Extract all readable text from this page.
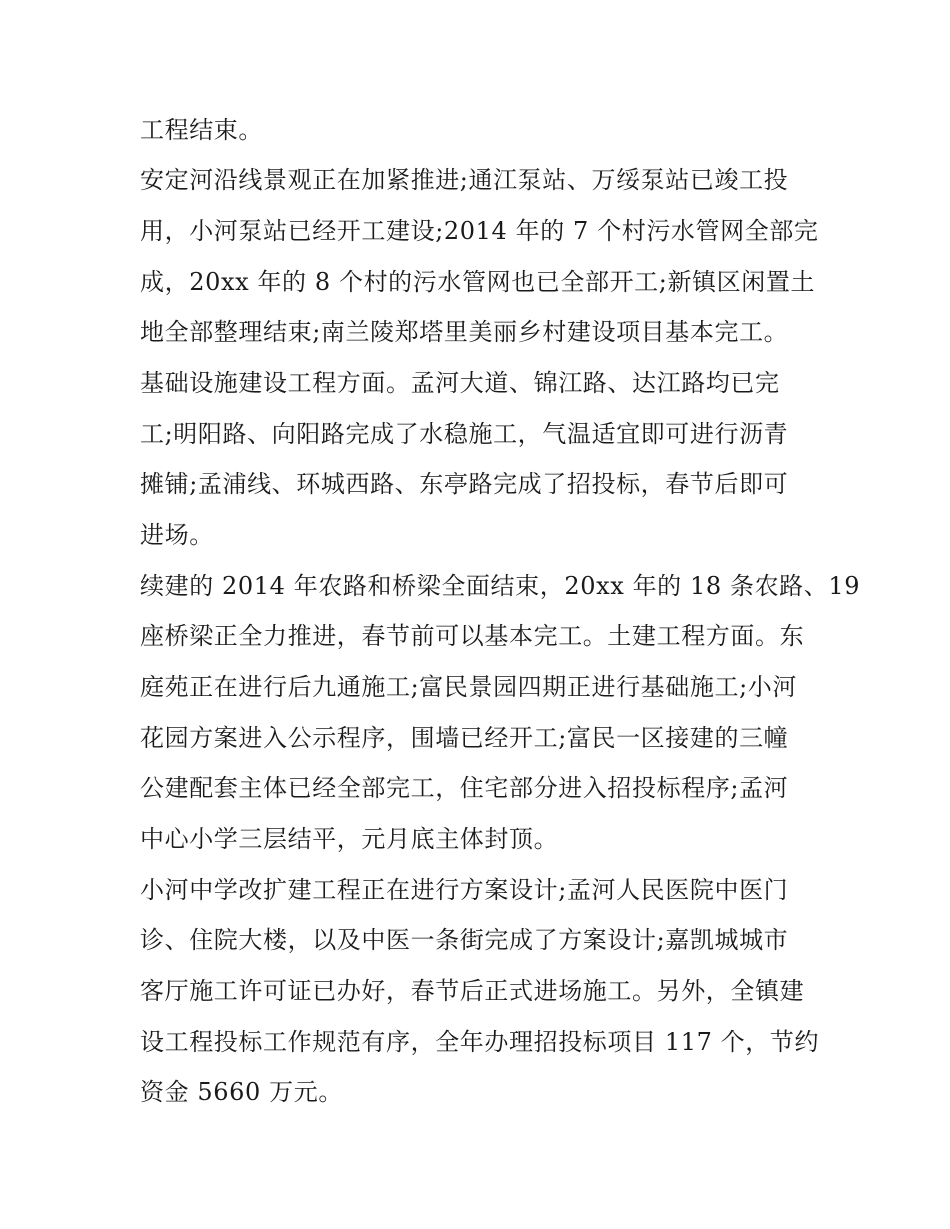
工程结束。

安定河沿线景观正在加紧推进;通江泵站、万绥泵站已竣工投

用，小河泵站已经开工建设;2014 年的 7 个村污水管网全部完

成，20xx 年的 8 个村的污水管网也已全部开工;新镇区闲置土

地全部整理结束;南兰陵郑塔里美丽乡村建设项目基本完工。

基础设施建设工程方面。孟河大道、锦江路、达江路均已完

工;明阳路、向阳路完成了水稳施工，气温适宜即可进行沥青

摊铺;孟浦线、环城西路、东亭路完成了招投标，春节后即可

进场。

续建的 2014 年农路和桥梁全面结束，20xx 年的 18 条农路、19

座桥梁正全力推进，春节前可以基本完工。土建工程方面。东

庭苑正在进行后九通施工;富民景园四期正进行基础施工;小河

花园方案进入公示程序，围墙已经开工;富民一区接建的三幢

公建配套主体已经全部完工，住宅部分进入招投标程序;孟河

中心小学三层结平，元月底主体封顶。

小河中学改扩建工程正在进行方案设计;孟河人民医院中医门

诊、住院大楼，以及中医一条街完成了方案设计;嘉凯城城市

客厅施工许可证已办好，春节后正式进场施工。另外，全镇建

设工程投标工作规范有序，全年办理招投标项目 117 个，节约

资金 5660 万元。
